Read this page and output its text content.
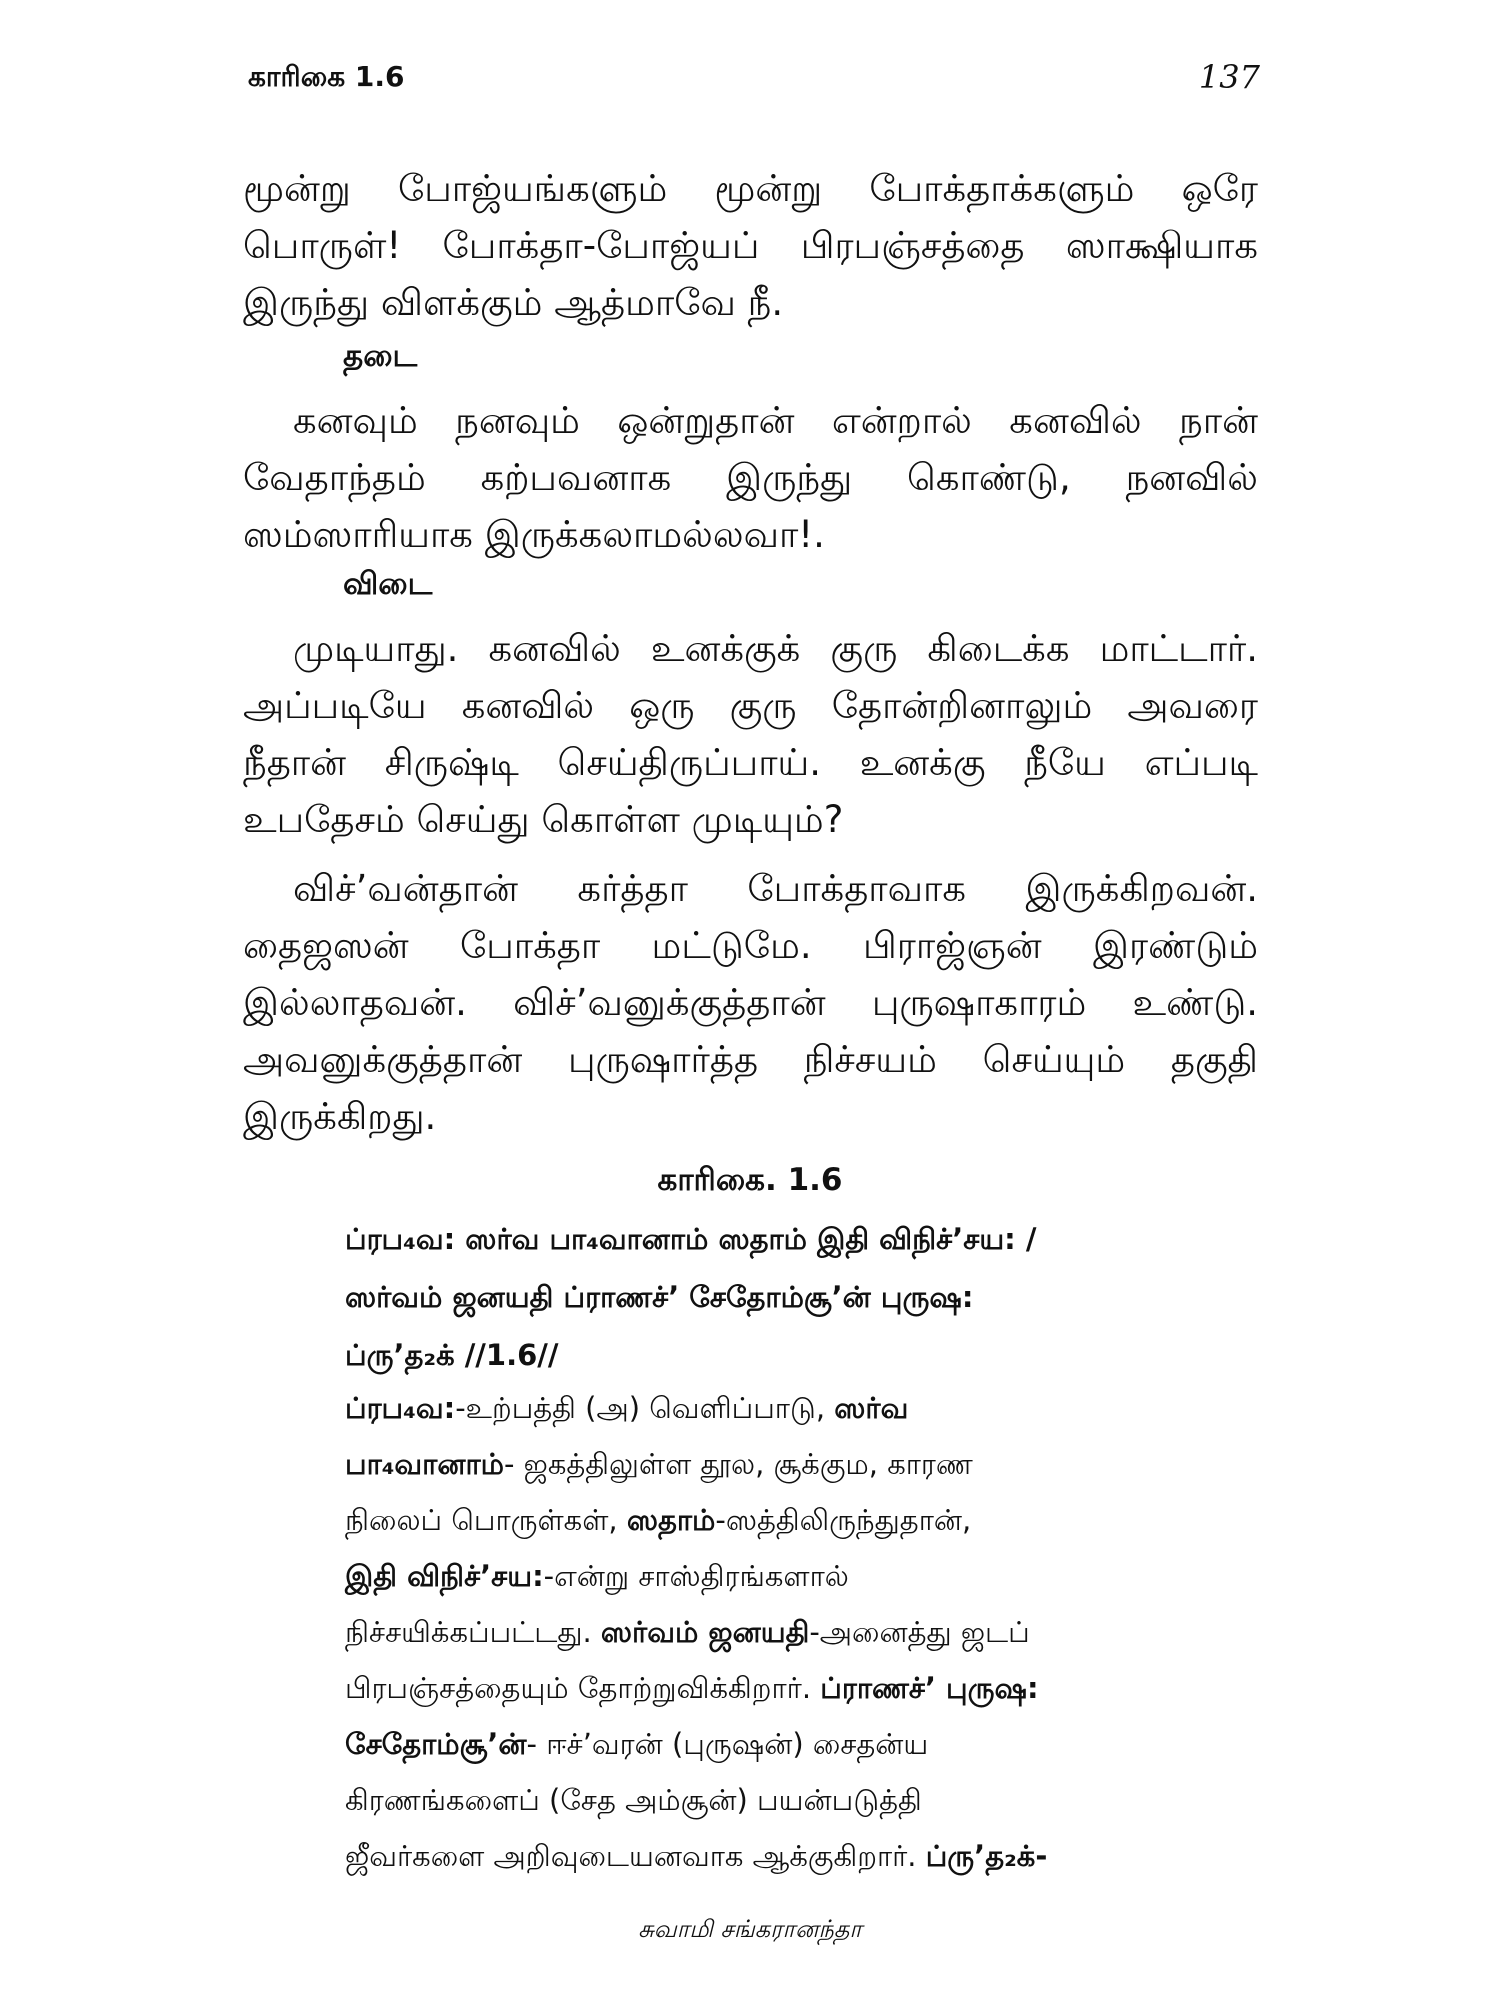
காரிகை 1.6	137
மூன்று போஜ்யங்களும் மூன்று போக்தாக்களும் ஒரே
பொருள்! போக்தா-போஜ்யப் பிரபஞ்சத்தை ஸாக்ஷியாக
இருந்து விளக்கும் ஆத்மாவே நீ.
தடை
கனவும் நனவும் ஒன்றுதான் என்றால் கனவில் நான்
வேதாந்தம் கற்பவனாக இருந்து கொண்டு, நனவில்
ஸம்ஸாரியாக இருக்கலாமல்லவா!.
விடை
முடியாது. கனவில் உனக்குக் குரு கிடைக்க மாட்டார்.
அப்படியே கனவில் ஒரு குரு தோன்றினாலும் அவரை
நீதான் சிருஷ்டி செய்திருப்பாய். உனக்கு நீயே எப்படி
உபதேசம் செய்து கொள்ள முடியும்?
விச்’வன்தான் கர்த்தா போக்தாவாக இருக்கிறவன்.
தைஜஸன் போக்தா மட்டுமே. பிராஜ்ஞன் இரண்டும்
இல்லாதவன். விச்’வனுக்குத்தான் புருஷாகாரம் உண்டு.
அவனுக்குத்தான் புருஷார்த்த நிச்சயம் செய்யும் தகுதி
இருக்கிறது.
காரிகை. 1.6
ப்ரப₄வ: ஸர்வ பா₄வானாம் ஸதாம் இதி விநிச்’சய: /
ஸர்வம் ஜனயதி ப்ராணச்’ சேதோம்சூ’ன் புருஷ:
ப்ரு’த₂க் //1.6//
ப்ரப₄வ:-உற்பத்தி (அ) வெளிப்பாடு, ஸர்வ
பா₄வானாம்- ஜகத்திலுள்ள தூல, சூக்கும, காரண
நிலைப் பொருள்கள், ஸதாம்-ஸத்திலிருந்துதான்,
இதி விநிச்’சய:-என்று சாஸ்திரங்களால்
நிச்சயிக்கப்பட்டது. ஸர்வம் ஜனயதி-அனைத்து ஜடப்
பிரபஞ்சத்தையும் தோற்றுவிக்கிறார். ப்ராணச்’ புருஷ:
சேதோம்சூ’ன்- ஈச்’வரன் (புருஷன்) சைதன்ய
கிரணங்களைப் (சேத அம்சூன்) பயன்படுத்தி
ஜீவர்களை அறிவுடையனவாக ஆக்குகிறார். ப்ரு’த₂க்-
சுவாமி சங்கரானந்தா
